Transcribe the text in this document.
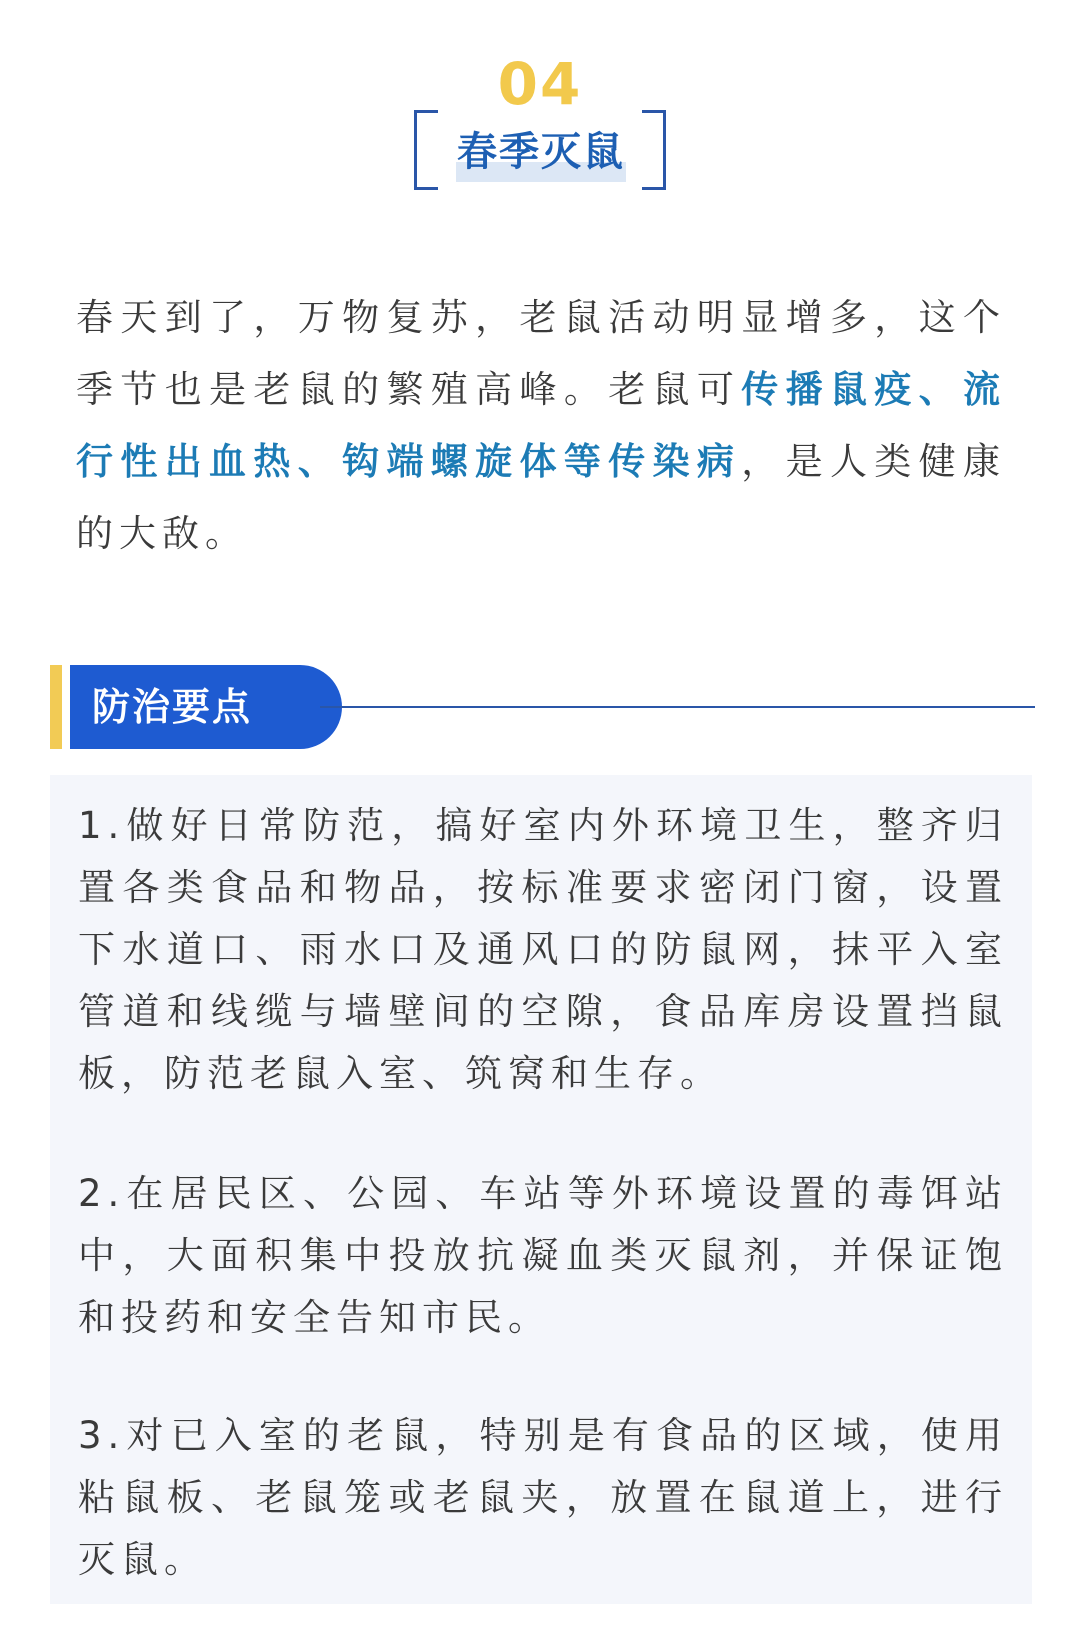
04
春季灭鼠

春天到了，万物复苏，老鼠活动明显增多，这个季节也是老鼠的繁殖高峰。老鼠可传播鼠疫、流行性出血热、钩端螺旋体等传染病，是人类健康的大敌。

防治要点

1.做好日常防范，搞好室内外环境卫生，整齐归置各类食品和物品，按标准要求密闭门窗，设置下水道口、雨水口及通风口的防鼠网，抹平入室管道和线缆与墙壁间的空隙，食品库房设置挡鼠板，防范老鼠入室、筑窝和生存。

2.在居民区、公园、车站等外环境设置的毒饵站中，大面积集中投放抗凝血类灭鼠剂，并保证饱和投药和安全告知市民。

3.对已入室的老鼠，特别是有食品的区域，使用粘鼠板、老鼠笼或老鼠夹，放置在鼠道上，进行灭鼠。
